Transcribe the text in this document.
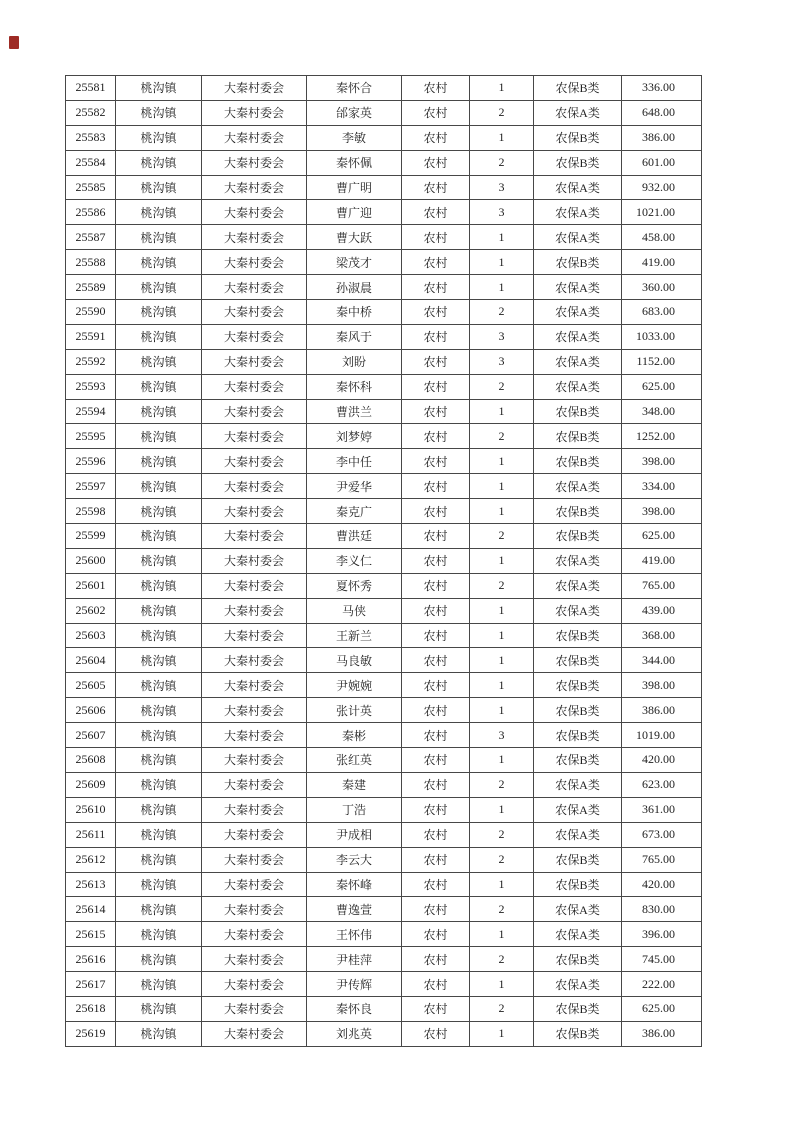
25581	桃沟镇	大秦村委会	秦怀合	农村	1	农保B类	336.00
25582	桃沟镇	大秦村委会	邰家英	农村	2	农保A类	648.00
25583	桃沟镇	大秦村委会	李敏	农村	1	农保B类	386.00
25584	桃沟镇	大秦村委会	秦怀佩	农村	2	农保B类	601.00
25585	桃沟镇	大秦村委会	曹广明	农村	3	农保A类	932.00
25586	桃沟镇	大秦村委会	曹广迎	农村	3	农保A类	1021.00
25587	桃沟镇	大秦村委会	曹大跃	农村	1	农保A类	458.00
25588	桃沟镇	大秦村委会	梁茂才	农村	1	农保B类	419.00
25589	桃沟镇	大秦村委会	孙淑晨	农村	1	农保A类	360.00
25590	桃沟镇	大秦村委会	秦中桥	农村	2	农保A类	683.00
25591	桃沟镇	大秦村委会	秦风于	农村	3	农保A类	1033.00
25592	桃沟镇	大秦村委会	刘盼	农村	3	农保A类	1152.00
25593	桃沟镇	大秦村委会	秦怀科	农村	2	农保A类	625.00
25594	桃沟镇	大秦村委会	曹洪兰	农村	1	农保B类	348.00
25595	桃沟镇	大秦村委会	刘梦婷	农村	2	农保B类	1252.00
25596	桃沟镇	大秦村委会	李中任	农村	1	农保B类	398.00
25597	桃沟镇	大秦村委会	尹爱华	农村	1	农保A类	334.00
25598	桃沟镇	大秦村委会	秦克广	农村	1	农保B类	398.00
25599	桃沟镇	大秦村委会	曹洪廷	农村	2	农保B类	625.00
25600	桃沟镇	大秦村委会	李义仁	农村	1	农保A类	419.00
25601	桃沟镇	大秦村委会	夏怀秀	农村	2	农保A类	765.00
25602	桃沟镇	大秦村委会	马侠	农村	1	农保A类	439.00
25603	桃沟镇	大秦村委会	王新兰	农村	1	农保B类	368.00
25604	桃沟镇	大秦村委会	马良敏	农村	1	农保B类	344.00
25605	桃沟镇	大秦村委会	尹婉婉	农村	1	农保B类	398.00
25606	桃沟镇	大秦村委会	张计英	农村	1	农保B类	386.00
25607	桃沟镇	大秦村委会	秦彬	农村	3	农保B类	1019.00
25608	桃沟镇	大秦村委会	张红英	农村	1	农保B类	420.00
25609	桃沟镇	大秦村委会	秦建	农村	2	农保A类	623.00
25610	桃沟镇	大秦村委会	丁浩	农村	1	农保A类	361.00
25611	桃沟镇	大秦村委会	尹成相	农村	2	农保A类	673.00
25612	桃沟镇	大秦村委会	李云大	农村	2	农保B类	765.00
25613	桃沟镇	大秦村委会	秦怀峰	农村	1	农保B类	420.00
25614	桃沟镇	大秦村委会	曹逸萱	农村	2	农保A类	830.00
25615	桃沟镇	大秦村委会	王怀伟	农村	1	农保A类	396.00
25616	桃沟镇	大秦村委会	尹桂萍	农村	2	农保B类	745.00
25617	桃沟镇	大秦村委会	尹传辉	农村	1	农保A类	222.00
25618	桃沟镇	大秦村委会	秦怀良	农村	2	农保B类	625.00
25619	桃沟镇	大秦村委会	刘兆英	农村	1	农保B类	386.00
